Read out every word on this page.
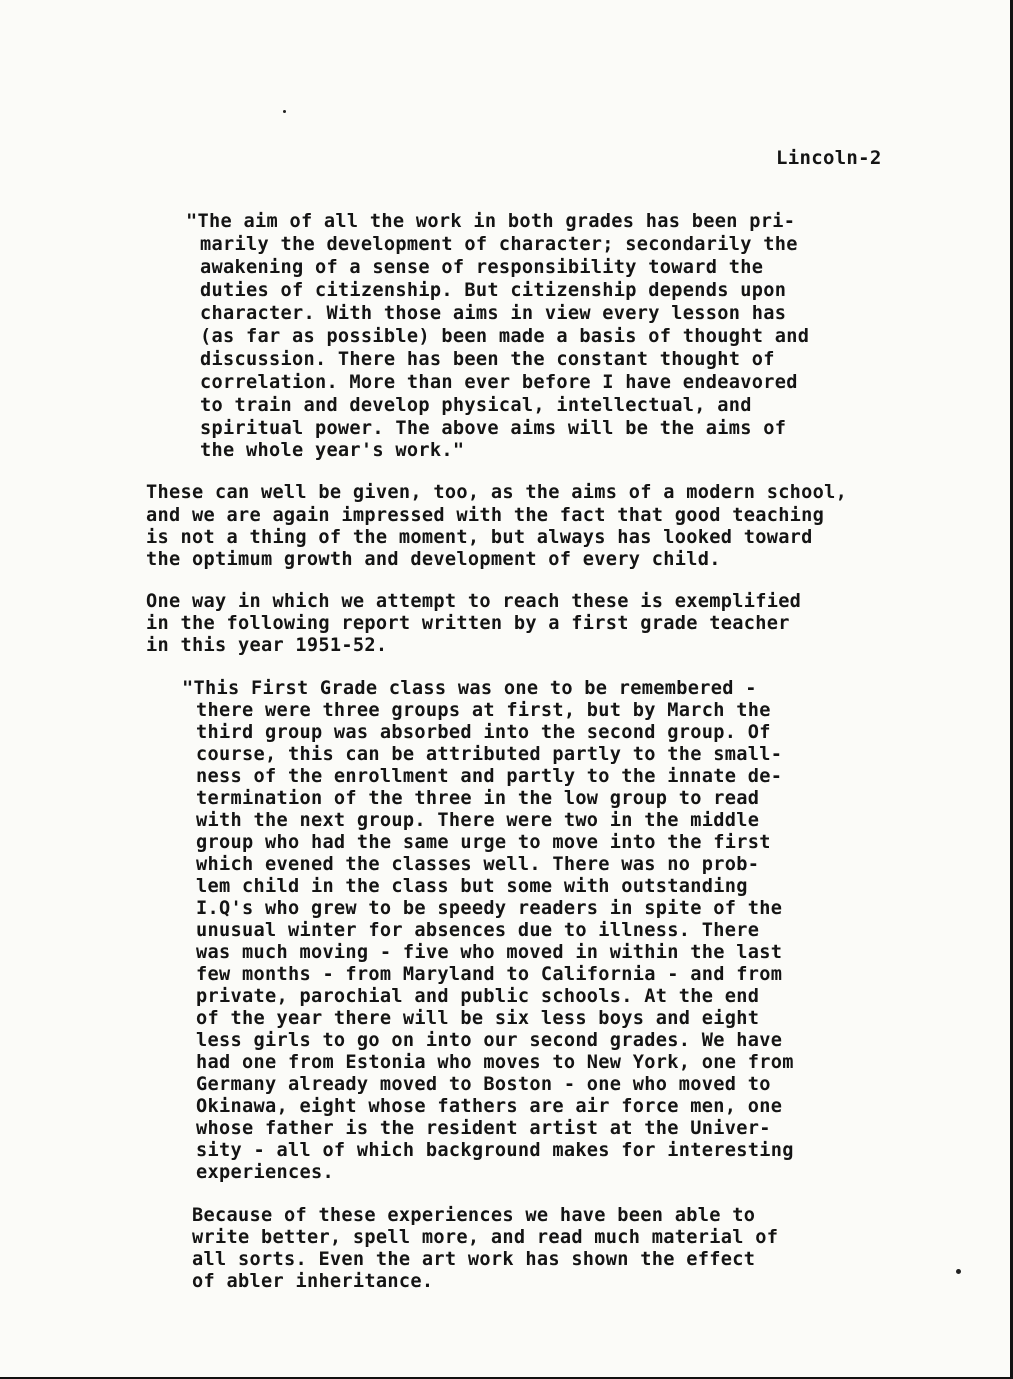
Lincoln-2
"The aim of all the work in both grades has been pri-
marily the development of character; secondarily the
awakening of a sense of responsibility toward the
duties of citizenship. But citizenship depends upon
character. With those aims in view every lesson has
(as far as possible) been made a basis of thought and
discussion. There has been the constant thought of
correlation. More than ever before I have endeavored
to train and develop physical, intellectual, and
spiritual power. The above aims will be the aims of
the whole year's work."
These can well be given, too, as the aims of a modern school,
and we are again impressed with the fact that good teaching
is not a thing of the moment, but always has looked toward
the optimum growth and development of every child.
One way in which we attempt to reach these is exemplified
in the following report written by a first grade teacher
in this year 1951-52.
"This First Grade class was one to be remembered -
there were three groups at first, but by March the
third group was absorbed into the second group. Of
course, this can be attributed partly to the small-
ness of the enrollment and partly to the innate de-
termination of the three in the low group to read
with the next group. There were two in the middle
group who had the same urge to move into the first
which evened the classes well. There was no prob-
lem child in the class but some with outstanding
I.Q's who grew to be speedy readers in spite of the
unusual winter for absences due to illness. There
was much moving - five who moved in within the last
few months - from Maryland to California - and from
private, parochial and public schools. At the end
of the year there will be six less boys and eight
less girls to go on into our second grades. We have
had one from Estonia who moves to New York, one from
Germany already moved to Boston - one who moved to
Okinawa, eight whose fathers are air force men, one
whose father is the resident artist at the Univer-
sity - all of which background makes for interesting
experiences.
Because of these experiences we have been able to
write better, spell more, and read much material of
all sorts. Even the art work has shown the effect
of abler inheritance.
